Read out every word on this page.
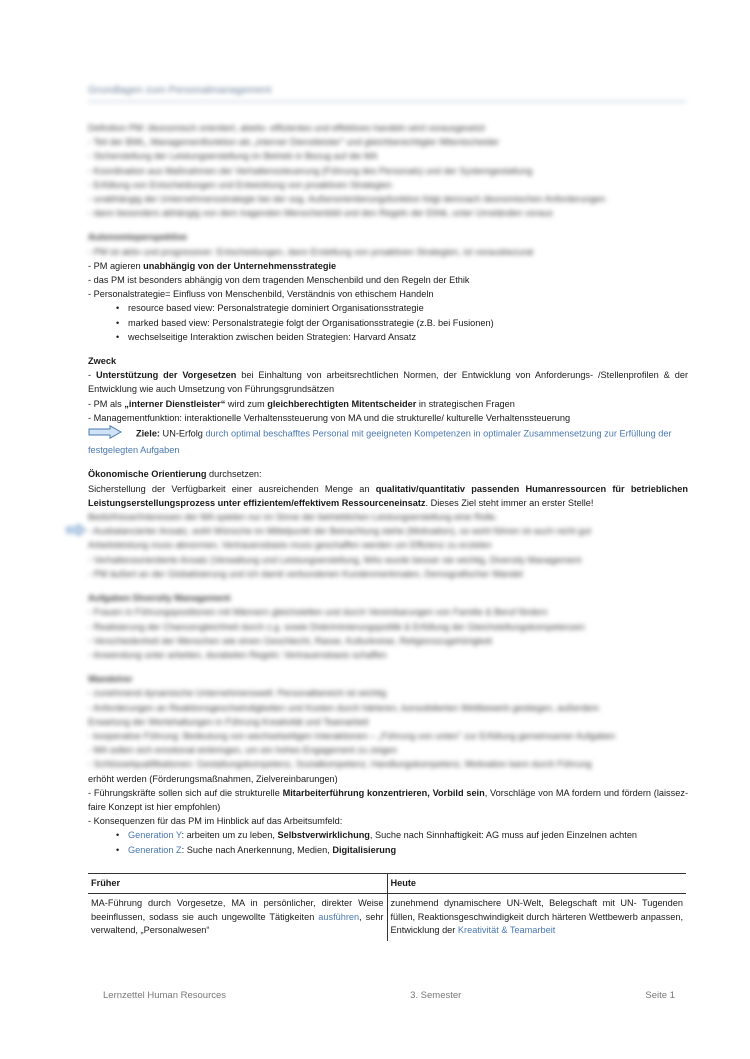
Grundlagen zum Personalmanagement
Definition PM: ökonomisch orientiert, abeits- effizientes und effektives handeln wird vorausgesetzt
- Teil der BWL, Managementfunktion als „interner Dienstleister" und gleichberechtigter Mitentscheider
- Sicherstellung der Leistungserstellung im Betrieb in Bezug auf die MA
- Koordination aus Maßnahmen der Verhaltenssteuerung (Führung des Personals) und der Systemgestaltung
- Erfüllung von Entscheidungen und Entwicklung von proaktiven Strategien
- unabhängig der Unternehmensstrategie bei der sog. Außenorientierungsfunktion folgt demnach ökonomischen Anforderungen
- dann besonders abhängig von dem tragenden Menschenbild und den Regeln der Ethik, unter Umständen voraus
Autonomieperspektive
- PM ist aktiv und progressiver: Entscheidungen, dann Erstellung von proaktiven Strategien, ist vorausbezurat
- PM agieren unabhängig von der Unternehmensstrategie
- das PM ist besonders abhängig von dem tragenden Menschenbild und den Regeln der Ethik
- Personalstrategie= Einfluss von Menschenbild, Verständnis von ethischem Handeln
• resource based view: Personalstrategie dominiert Organisationsstrategie
• marked based view: Personalstrategie folgt der Organisationsstrategie (z.B. bei Fusionen)
• wechselseitige Interaktion zwischen beiden Strategien: Harvard Ansatz
Zweck
- Unterstützung der Vorgesetzen bei Einhaltung von arbeitsrechtlichen Normen, der Entwicklung von Anforderungs- /Stellenprofilen & der Entwicklung wie auch Umsetzung von Führungsgrundsätzen
- PM als „interner Dienstleister“ wird zum gleichberechtigten Mitentscheider in strategischen Fragen
- Managementfunktion: interaktionelle Verhaltenssteuerung von MA und die strukturelle/ kulturelle Verhaltenssteuerung
Ziele: UN-Erfolg durch optimal beschafftes Personal mit geeigneten Kompetenzen in optimaler Zusammensetzung zur Erfüllung der festgelegten Aufgaben
Ökonomische Orientierung durchsetzen:
Sicherstellung der Verfügbarkeit einer ausreichenden Menge an qualitativ/quantitativ passenden Humanressourcen für betrieblichen Leistungserstellungsprozess unter effizientem/effektivem Ressourceneinsatz. Dieses Ziel steht immer an erster Stelle!
Bedürfnisse/Interessen der MA spielen nur im Sinne der betrieblichen Leistungserstellung eine Rolle.
- Ausbalancierter Ansatz, wohl Wünsche im Mittelpunkt der Betrachtung stehe (Motivation), so wohl führen ist auch nicht gut
Arbeitsleistung muss abnormen, Vertrauensbasis muss geschaffen werden um Effizienz zu erzielen
- Verhaltensorientierte Ansatz (Verwaltung und Leistungserstellung, MAs wurde besser sie wichtig, Diversity Management
- PM äußert an der Globalisierung und ich damit verbundenen Kundenmerkmalen, Demografischer Wandel
Aufgaben Diversity Management
- Frauen in Führungspositionen mit Männern gleichstellen und durch Vereinbarungen von Familie & Beruf fördern
- Realisierung der Chancengleichheit durch z.g. sowie Diskriminierungspolitik & Erfüllung der Gleichstellungskompetenzen
- Verschiedenheit der Menschen wie einen Geschlecht, Rasse, Kulturkreise, Religionszugehörigkeit
- Anwendung unter arbeiten, durabelen Regeln: Vertrauensbasis schaffen
Wandelrer
- zunehmend dynamische Unternehmenswelt: Personalbereich ist wichtig
- Anforderungen an Reaktionsgeschwindigkeiten und Kosten durch härteren, konsolidierten Wettbewerb gestiegen, außerdem
Erwartung der Wertehaltungen in Führung Kreativität und Teamarbeit
- kooperative Führung: Bedeutung von wechselseitigen Interaktionen – „Führung von unten" zur Erfüllung gemeinsamer Aufgaben
- MA sollen sich emotional einbringen, um ein hohes Engagement zu zeigen
- Schlüsselqualifikationen: Gestaltungskompetenz, Sozialkompetenz, Handlungskompetenz, Motivation kann durch Führung
erhöht werden (Förderungsmaßnahmen, Zielvereinbarungen)
- Führungskräfte sollen sich auf die strukturelle Mitarbeiterführung konzentrieren, Vorbild sein, Vorschläge von MA fordern und fördern (laissez- faire Konzept ist hier empfohlen)
- Konsequenzen für das PM im Hinblick auf das Arbeitsumfeld:
• Generation Y: arbeiten um zu leben, Selbstverwirklichung, Suche nach Sinnhaftigkeit: AG muss auf jeden Einzelnen achten
• Generation Z: Suche nach Anerkennung, Medien, Digitalisierung
Früher	Heute
MA-Führung durch Vorgesetze, MA in persönlicher, direkter Weise beeinflussen, sodass sie auch ungewollte Tätigkeiten ausführen, sehr verwaltend, „Personalwesen“	zunehmend dynamischere UN-Welt, Belegschaft mit UN- Tugenden füllen, Reaktionsgeschwindigkeit durch härteren Wettbewerb anpassen, Entwicklung der Kreativität & Teamarbeit
Lernzettel Human Resources	3. Semester	Seite 1
